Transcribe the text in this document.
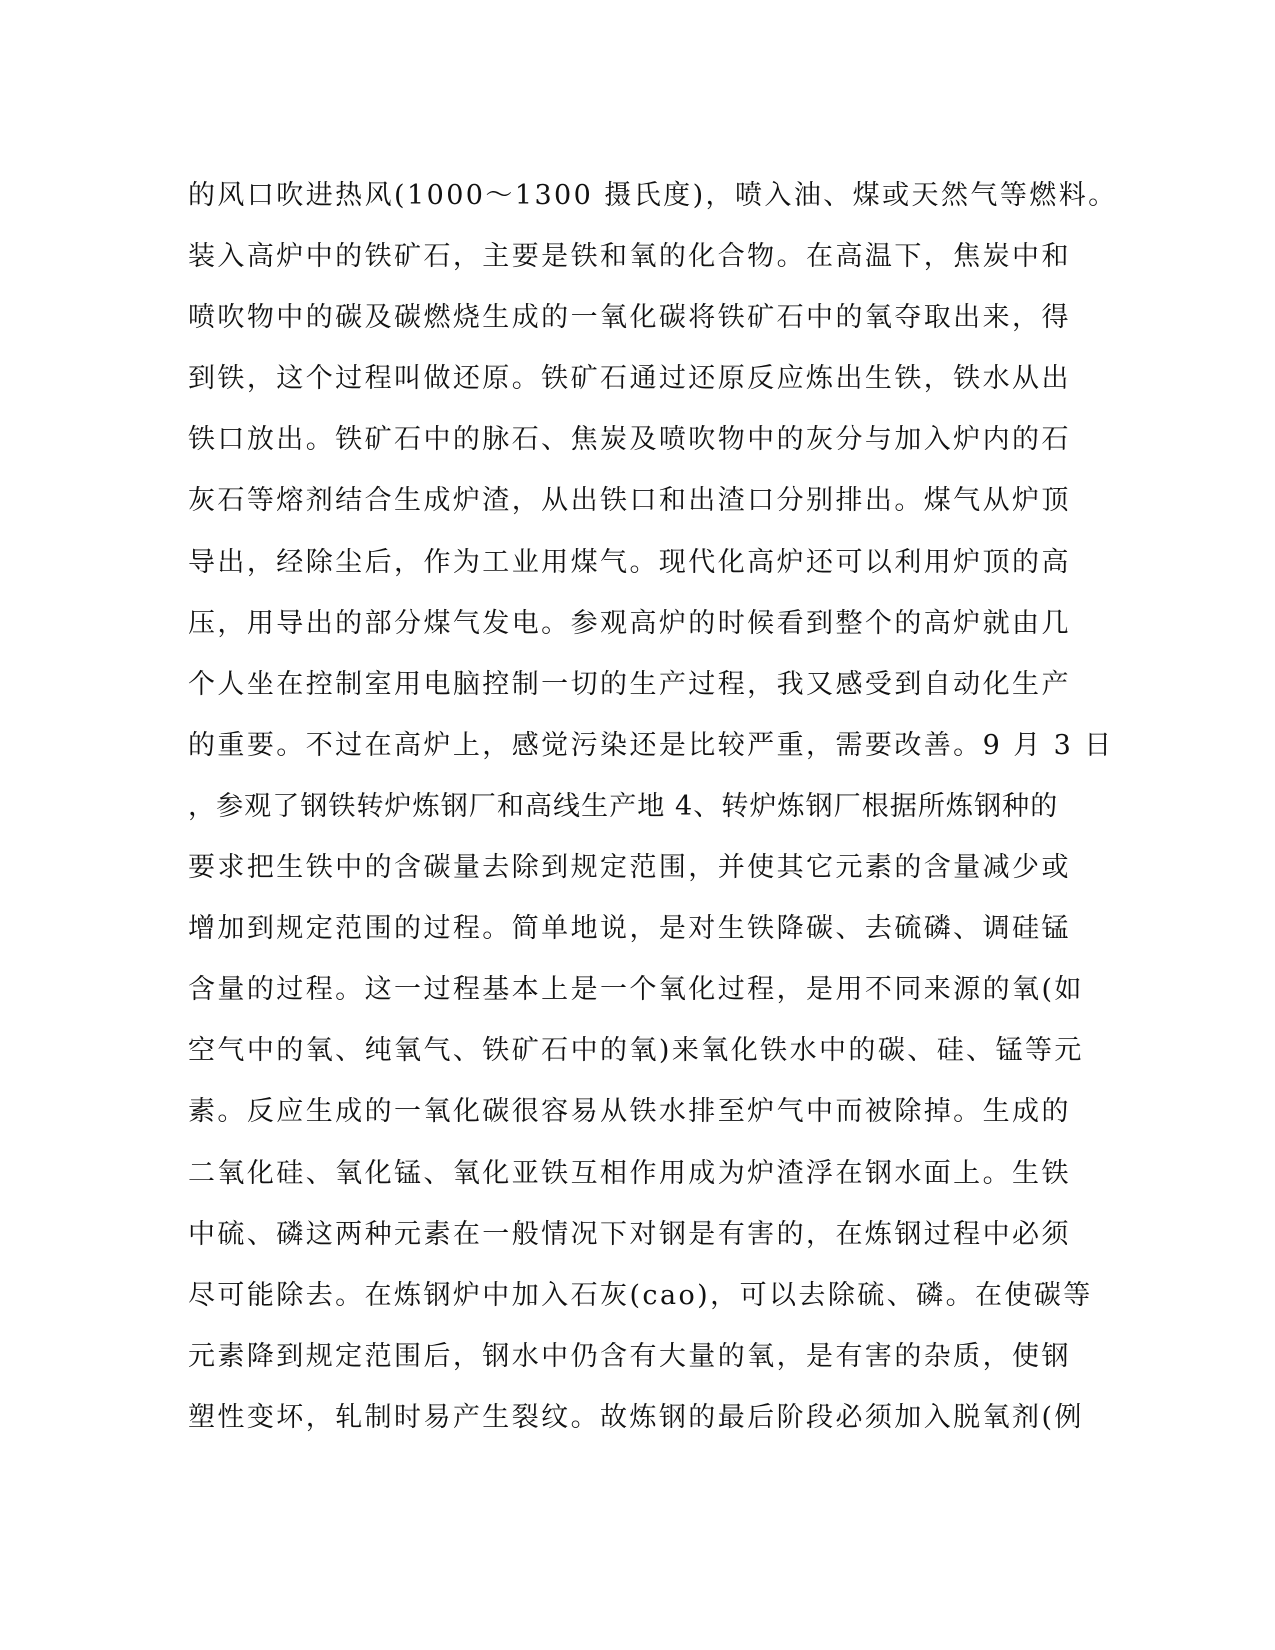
的风口吹进热风(1000～1300 摄氏度)，喷入油、煤或天然气等燃料。
装入高炉中的铁矿石，主要是铁和氧的化合物。在高温下，焦炭中和
喷吹物中的碳及碳燃烧生成的一氧化碳将铁矿石中的氧夺取出来，得
到铁，这个过程叫做还原。铁矿石通过还原反应炼出生铁，铁水从出
铁口放出。铁矿石中的脉石、焦炭及喷吹物中的灰分与加入炉内的石
灰石等熔剂结合生成炉渣，从出铁口和出渣口分别排出。煤气从炉顶
导出，经除尘后，作为工业用煤气。现代化高炉还可以利用炉顶的高
压，用导出的部分煤气发电。参观高炉的时候看到整个的高炉就由几
个人坐在控制室用电脑控制一切的生产过程，我又感受到自动化生产
的重要。不过在高炉上，感觉污染还是比较严重，需要改善。9 月 3 日
，参观了钢铁转炉炼钢厂和高线生产地 4、转炉炼钢厂根据所炼钢种的
要求把生铁中的含碳量去除到规定范围，并使其它元素的含量减少或
增加到规定范围的过程。简单地说，是对生铁降碳、去硫磷、调硅锰
含量的过程。这一过程基本上是一个氧化过程，是用不同来源的氧(如
空气中的氧、纯氧气、铁矿石中的氧)来氧化铁水中的碳、硅、锰等元
素。反应生成的一氧化碳很容易从铁水排至炉气中而被除掉。生成的
二氧化硅、氧化锰、氧化亚铁互相作用成为炉渣浮在钢水面上。生铁
中硫、磷这两种元素在一般情况下对钢是有害的，在炼钢过程中必须
尽可能除去。在炼钢炉中加入石灰(cao)，可以去除硫、磷。在使碳等
元素降到规定范围后，钢水中仍含有大量的氧，是有害的杂质，使钢
塑性变坏，轧制时易产生裂纹。故炼钢的最后阶段必须加入脱氧剂(例
